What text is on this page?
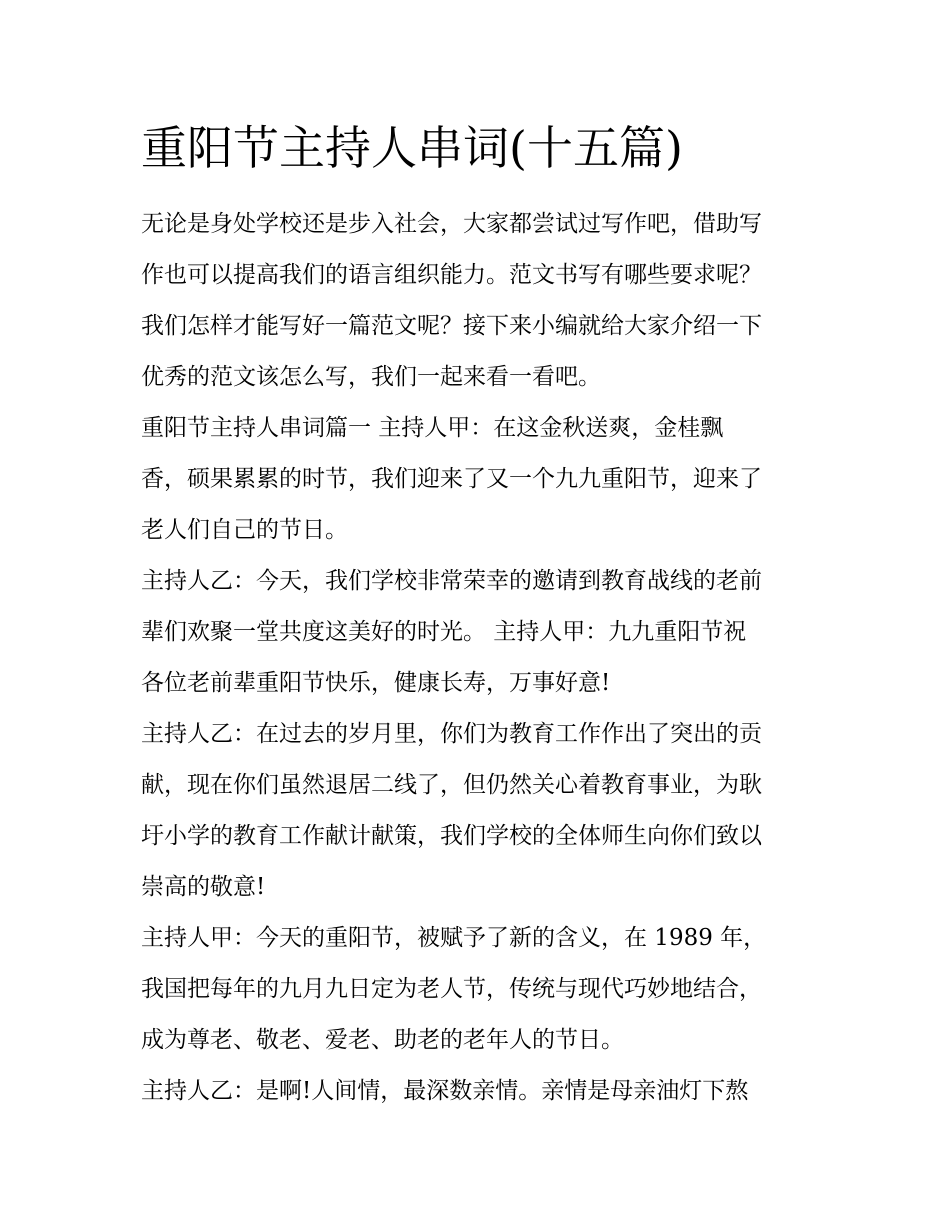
重阳节主持人串词(十五篇)
无论是身处学校还是步入社会，大家都尝试过写作吧，借助写
作也可以提高我们的语言组织能力。范文书写有哪些要求呢？
我们怎样才能写好一篇范文呢？接下来小编就给大家介绍一下
优秀的范文该怎么写，我们一起来看一看吧。
重阳节主持人串词篇一 主持人甲：在这金秋送爽，金桂飘
香，硕果累累的时节，我们迎来了又一个九九重阳节，迎来了
老人们自己的节日。
主持人乙：今天，我们学校非常荣幸的邀请到教育战线的老前
辈们欢聚一堂共度这美好的时光。 主持人甲：九九重阳节祝
各位老前辈重阳节快乐，健康长寿，万事好意!
主持人乙：在过去的岁月里，你们为教育工作作出了突出的贡
献，现在你们虽然退居二线了，但仍然关心着教育事业，为耿
圩小学的教育工作献计献策，我们学校的全体师生向你们致以
崇高的敬意!
主持人甲：今天的重阳节，被赋予了新的含义，在 1989 年，
我国把每年的九月九日定为老人节，传统与现代巧妙地结合，
成为尊老、敬老、爱老、助老的老年人的节日。
主持人乙：是啊!人间情，最深数亲情。亲情是母亲油灯下熬
